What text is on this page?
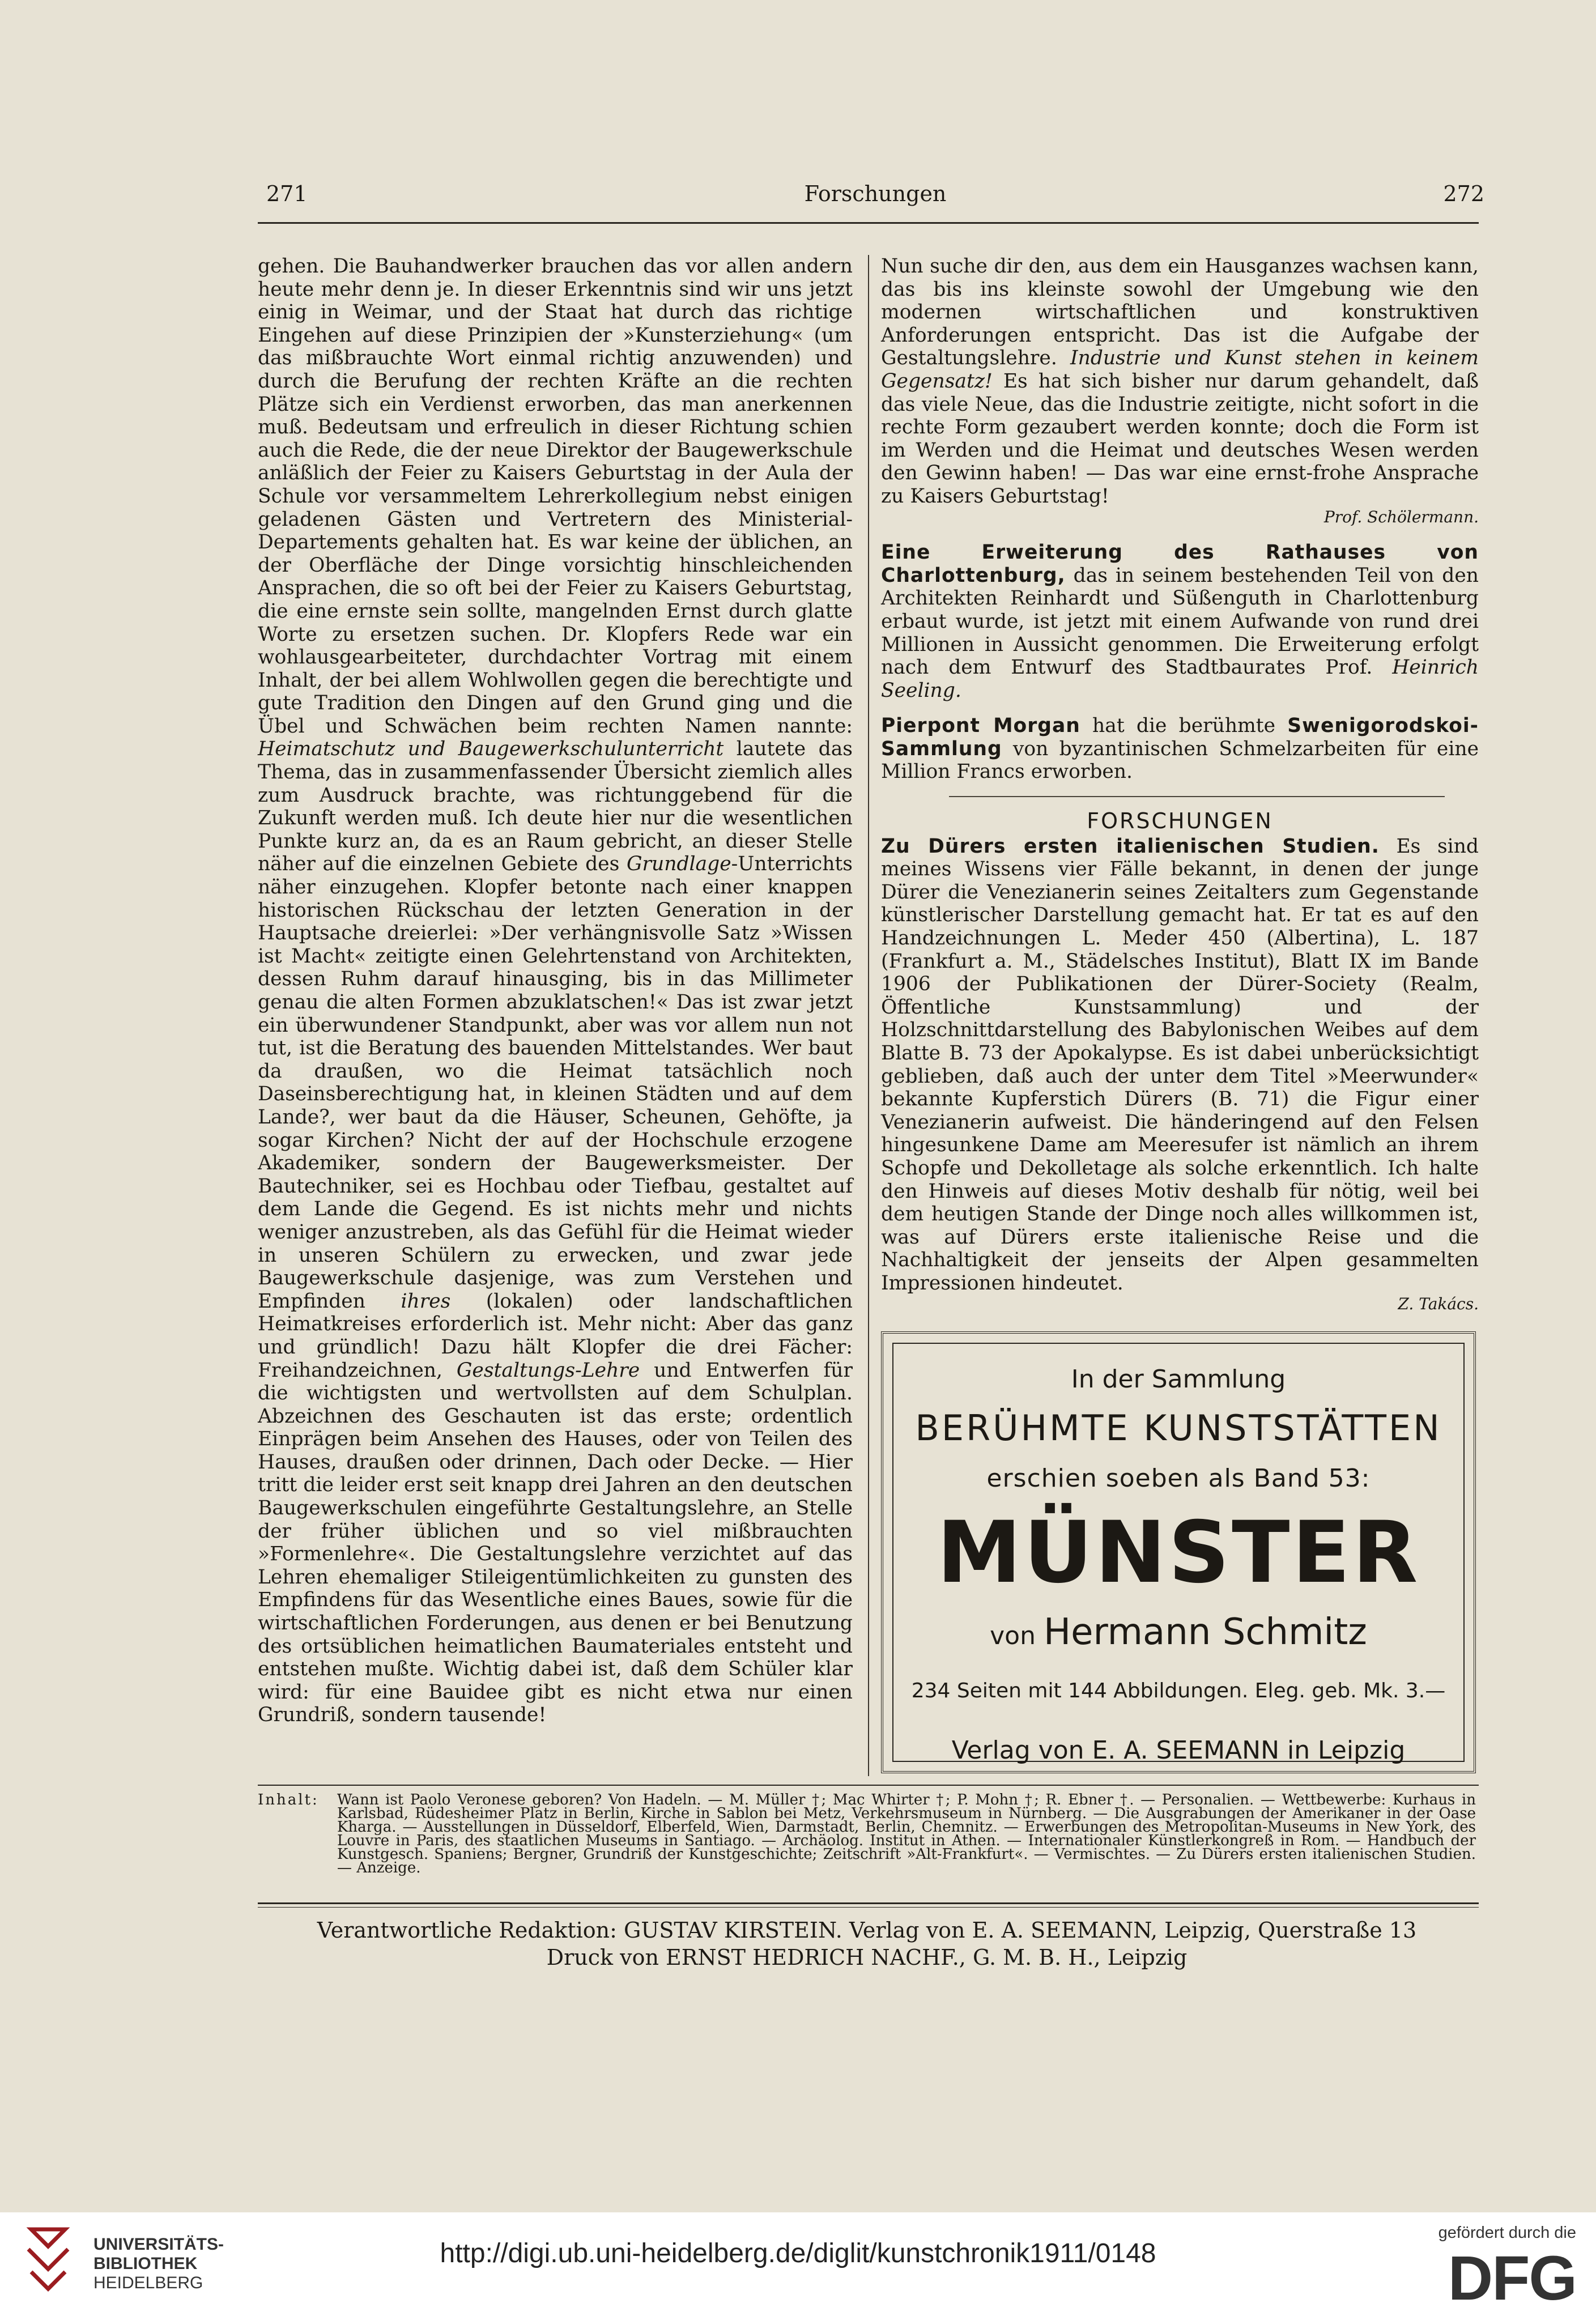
271	Forschungen	272

gehen. Die Bauhandwerker brauchen das vor allen andern heute mehr denn je. In dieser Erkenntnis sind wir uns jetzt einig in Weimar, und der Staat hat durch das richtige Eingehen auf diese Prinzipien der »Kunsterziehung« (um das mißbrauchte Wort einmal richtig anzuwenden) und durch die Berufung der rechten Kräfte an die rechten Plätze sich ein Verdienst erworben, das man anerkennen muß. Bedeutsam und erfreulich in dieser Richtung schien auch die Rede, die der neue Direktor der Baugewerkschule anläßlich der Feier zu Kaisers Geburtstag in der Aula der Schule vor versammeltem Lehrerkollegium nebst einigen geladenen Gästen und Vertretern des Ministerial-Departements gehalten hat. Es war keine der üblichen, an der Oberfläche der Dinge vorsichtig hinschleichenden Ansprachen, die so oft bei der Feier zu Kaisers Geburtstag, die eine ernste sein sollte, mangelnden Ernst durch glatte Worte zu ersetzen suchen. Dr. Klopfers Rede war ein wohlausgearbeiteter, durchdachter Vortrag mit einem Inhalt, der bei allem Wohlwollen gegen die berechtigte und gute Tradition den Dingen auf den Grund ging und die Übel und Schwächen beim rechten Namen nannte: Heimatschutz und Baugewerkschulunterricht lautete das Thema, das in zusammenfassender Übersicht ziemlich alles zum Ausdruck brachte, was richtunggebend für die Zukunft werden muß. Ich deute hier nur die wesentlichen Punkte kurz an, da es an Raum gebricht, an dieser Stelle näher auf die einzelnen Gebiete des Grundlage-Unterrichts näher einzugehen. Klopfer betonte nach einer knappen historischen Rückschau der letzten Generation in der Hauptsache dreierlei: »Der verhängnisvolle Satz »Wissen ist Macht« zeitigte einen Gelehrtenstand von Architekten, dessen Ruhm darauf hinausging, bis in das Millimeter genau die alten Formen abzuklatschen!« Das ist zwar jetzt ein überwundener Standpunkt, aber was vor allem nun not tut, ist die Beratung des bauenden Mittelstandes. Wer baut da draußen, wo die Heimat tatsächlich noch Daseinsberechtigung hat, in kleinen Städten und auf dem Lande?, wer baut da die Häuser, Scheunen, Gehöfte, ja sogar Kirchen? Nicht der auf der Hochschule erzogene Akademiker, sondern der Baugewerksmeister. Der Bautechniker, sei es Hochbau oder Tiefbau, gestaltet auf dem Lande die Gegend. Es ist nichts mehr und nichts weniger anzustreben, als das Gefühl für die Heimat wieder in unseren Schülern zu erwecken, und zwar jede Baugewerkschule dasjenige, was zum Verstehen und Empfinden ihres (lokalen) oder landschaftlichen Heimatkreises erforderlich ist. Mehr nicht: Aber das ganz und gründlich! Dazu hält Klopfer die drei Fächer: Freihandzeichnen, Gestaltungs-Lehre und Entwerfen für die wichtigsten und wertvollsten auf dem Schulplan. Abzeichnen des Geschauten ist das erste; ordentlich Einprägen beim Ansehen des Hauses, oder von Teilen des Hauses, draußen oder drinnen, Dach oder Decke. — Hier tritt die leider erst seit knapp drei Jahren an den deutschen Baugewerkschulen eingeführte Gestaltungslehre, an Stelle der früher üblichen und so viel mißbrauchten »Formenlehre«. Die Gestaltungslehre verzichtet auf das Lehren ehemaliger Stileigentümlichkeiten zu gunsten des Empfindens für das Wesentliche eines Baues, sowie für die wirtschaftlichen Forderungen, aus denen er bei Benutzung des ortsüblichen heimatlichen Baumateriales entsteht und entstehen mußte. Wichtig dabei ist, daß dem Schüler klar wird: für eine Bauidee gibt es nicht etwa nur einen Grundriß, sondern tausende!

Nun suche dir den, aus dem ein Hausganzes wachsen kann, das bis ins kleinste sowohl der Umgebung wie den modernen wirtschaftlichen und konstruktiven Anforderungen entspricht. Das ist die Aufgabe der Gestaltungslehre. Industrie und Kunst stehen in keinem Gegensatz! Es hat sich bisher nur darum gehandelt, daß das viele Neue, das die Industrie zeitigte, nicht sofort in die rechte Form gezaubert werden konnte; doch die Form ist im Werden und die Heimat und deutsches Wesen werden den Gewinn haben! — Das war eine ernst-frohe Ansprache zu Kaisers Geburtstag!
Prof. Schölermann.

Eine Erweiterung des Rathauses von Charlottenburg, das in seinem bestehenden Teil von den Architekten Reinhardt und Süßenguth in Charlottenburg erbaut wurde, ist jetzt mit einem Aufwande von rund drei Millionen in Aussicht genommen. Die Erweiterung erfolgt nach dem Entwurf des Stadtbaurates Prof. Heinrich Seeling.

Pierpont Morgan hat die berühmte Swenigorodskoi-Sammlung von byzantinischen Schmelzarbeiten für eine Million Francs erworben.

FORSCHUNGEN

Zu Dürers ersten italienischen Studien. Es sind meines Wissens vier Fälle bekannt, in denen der junge Dürer die Venezianerin seines Zeitalters zum Gegenstande künstlerischer Darstellung gemacht hat. Er tat es auf den Handzeichnungen L. Meder 450 (Albertina), L. 187 (Frankfurt a. M., Städelsches Institut), Blatt IX im Bande 1906 der Publikationen der Dürer-Society (Realm, Öffentliche Kunstsammlung) und der Holzschnittdarstellung des Babylonischen Weibes auf dem Blatte B. 73 der Apokalypse. Es ist dabei unberücksichtigt geblieben, daß auch der unter dem Titel »Meerwunder« bekannte Kupferstich Dürers (B. 71) die Figur einer Venezianerin aufweist. Die händeringend auf den Felsen hingesunkene Dame am Meeresufer ist nämlich an ihrem Schopfe und Dekolletage als solche erkenntlich. Ich halte den Hinweis auf dieses Motiv deshalb für nötig, weil bei dem heutigen Stande der Dinge noch alles willkommen ist, was auf Dürers erste italienische Reise und die Nachhaltigkeit der jenseits der Alpen gesammelten Impressionen hindeutet.
Z. Takács.

In der Sammlung
BERÜHMTE KUNSTSTÄTTEN
erschien soeben als Band 53:
MÜNSTER
von Hermann Schmitz
234 Seiten mit 144 Abbildungen. Eleg. geb. Mk. 3.—
Verlag von E. A. SEEMANN in Leipzig
Inhalt: Wann ist Paolo Veronese geboren? Von Hadeln. — M. Müller †; Mac Whirter †; P. Mohn †; R. Ebner †. — Personalien. — Wettbewerbe: Kurhaus in Karlsbad, Rüdesheimer Platz in Berlin, Kirche in Sablon bei Metz, Verkehrsmuseum in Nürnberg. — Die Ausgrabungen der Amerikaner in der Oase Kharga. — Ausstellungen in Düsseldorf, Elberfeld, Wien, Darmstadt, Berlin, Chemnitz. — Erwerbungen des Metropolitan-Museums in New York, des Louvre in Paris, des staatlichen Museums in Santiago. — Archäolog. Institut in Athen. — Internationaler Künstlerkongreß in Rom. — Handbuch der Kunstgesch. Spaniens; Bergner, Grundriß der Kunstgeschichte; Zeitschrift »Alt-Frankfurt«. — Vermischtes. — Zu Dürers ersten italienischen Studien. — Anzeige.
Verantwortliche Redaktion: GUSTAV KIRSTEIN. Verlag von E. A. SEEMANN, Leipzig, Querstraße 13
Druck von ERNST HEDRICH NACHF., G. M. B. H., Leipzig
UNIVERSITÄTS-
BIBLIOTHEK
HEIDELBERG
http://digi.ub.uni-heidelberg.de/diglit/kunstchronik1911/0148
gefördert durch die
DFG
